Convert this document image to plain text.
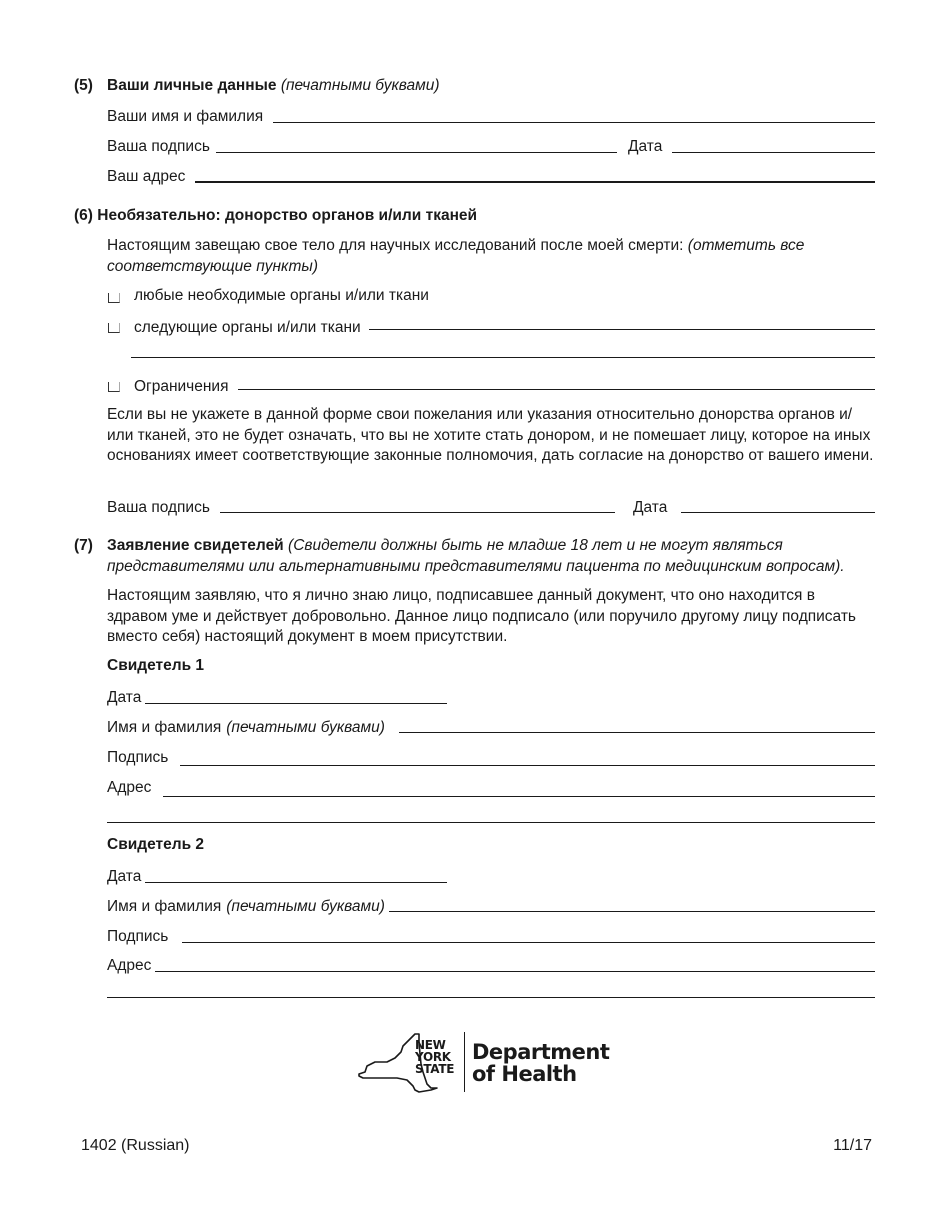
(5) Ваши личные данные (печатными буквами)
Ваши имя и фамилия
Ваша подпись	Дата
Ваш адрес
(6) Необязательно: донорство органов и/или тканей
Настоящим завещаю свое тело для научных исследований после моей смерти: (отметить все соответствующие пункты)
любые необходимые органы и/или ткани
следующие органы и/или ткани
Ограничения
Если вы не укажете в данной форме свои пожелания или указания относительно донорства органов и/или тканей, это не будет означать, что вы не хотите стать донором, и не помешает лицу, которое на иных основаниях имеет соответствующие законные полномочия, дать согласие на донорство от вашего имени.
Ваша подпись	Дата
(7) Заявление свидетелей (Свидетели должны быть не младше 18 лет и не могут являться представителями или альтернативными представителями пациента по медицинским вопросам).
Настоящим заявляю, что я лично знаю лицо, подписавшее данный документ, что оно находится в здравом уме и действует добровольно. Данное лицо подписало (или поручило другому лицу подписать вместо себя) настоящий документ в моем присутствии.
Свидетель 1
Дата
Имя и фамилия (печатными буквами)
Подпись
Адрес
Свидетель 2
Дата
Имя и фамилия (печатными буквами)
Подпись
Адрес
NEW
YORK
STATE
Department
of Health
1402 (Russian)	11/17
